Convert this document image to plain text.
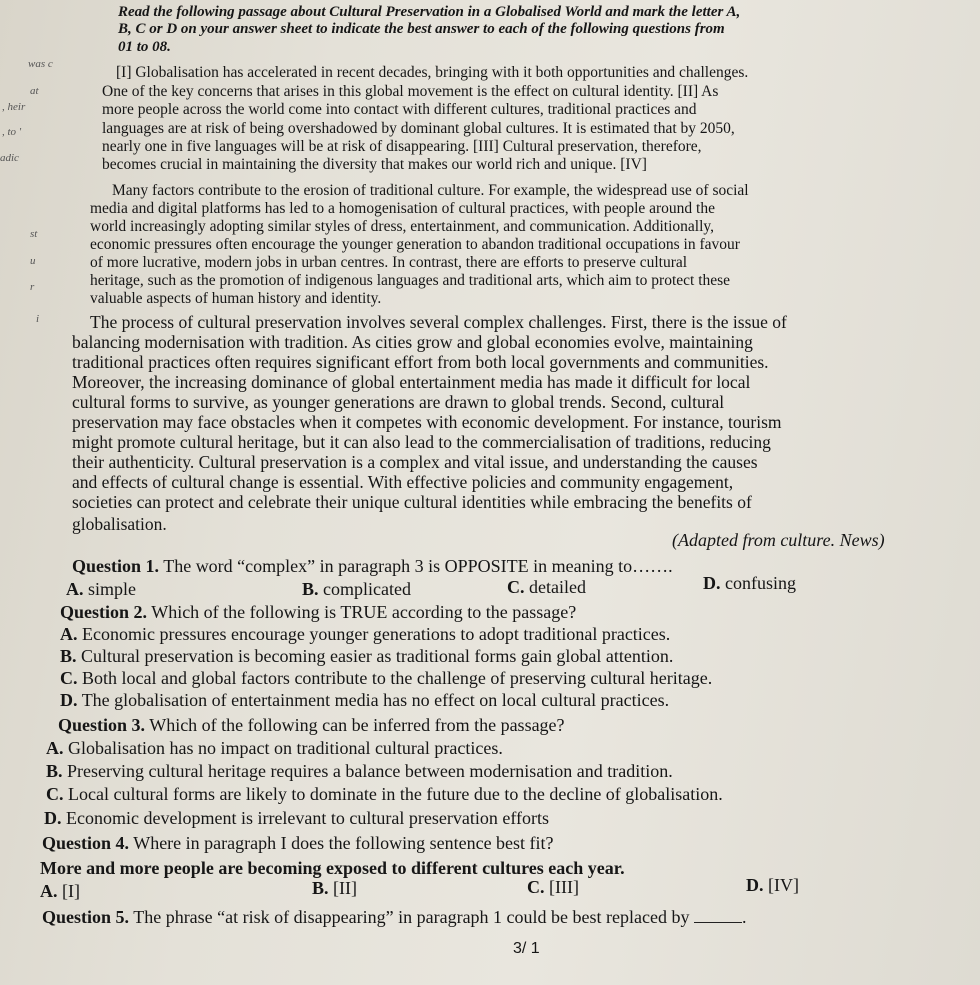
Read the following passage about Cultural Preservation in a Globalised World and mark the letter A,
B, C or D on your answer sheet to indicate the best answer to each of the following questions from
01 to 08.
was c
at
, heir
, to '
adic
st
u
r
i
[I] Globalisation has accelerated in recent decades, bringing with it both opportunities and challenges.
One of the key concerns that arises in this global movement is the effect on cultural identity. [II] As
more people across the world come into contact with different cultures, traditional practices and
languages are at risk of being overshadowed by dominant global cultures. It is estimated that by 2050,
nearly one in five languages will be at risk of disappearing. [III] Cultural preservation, therefore,
becomes crucial in maintaining the diversity that makes our world rich and unique. [IV]
Many factors contribute to the erosion of traditional culture. For example, the widespread use of social
media and digital platforms has led to a homogenisation of cultural practices, with people around the
world increasingly adopting similar styles of dress, entertainment, and communication. Additionally,
economic pressures often encourage the younger generation to abandon traditional occupations in favour
of more lucrative, modern jobs in urban centres. In contrast, there are efforts to preserve cultural
heritage, such as the promotion of indigenous languages and traditional arts, which aim to protect these
valuable aspects of human history and identity.
The process of cultural preservation involves several complex challenges. First, there is the issue of
balancing modernisation with tradition. As cities grow and global economies evolve, maintaining
traditional practices often requires significant effort from both local governments and communities.
Moreover, the increasing dominance of global entertainment media has made it difficult for local
cultural forms to survive, as younger generations are drawn to global trends. Second, cultural
preservation may face obstacles when it competes with economic development. For instance, tourism
might promote cultural heritage, but it can also lead to the commercialisation of traditions, reducing
their authenticity. Cultural preservation is a complex and vital issue, and understanding the causes
and effects of cultural change is essential. With effective policies and community engagement,
societies can protect and celebrate their unique cultural identities while embracing the benefits of
globalisation.
(Adapted from culture. News)
Question 1. The word “complex” in paragraph 3 is OPPOSITE in meaning to…….
A. simple	B. complicated	C. detailed	D. confusing
Question 2. Which of the following is TRUE according to the passage?
A. Economic pressures encourage younger generations to adopt traditional practices.
B. Cultural preservation is becoming easier as traditional forms gain global attention.
C. Both local and global factors contribute to the challenge of preserving cultural heritage.
D. The globalisation of entertainment media has no effect on local cultural practices.
Question 3. Which of the following can be inferred from the passage?
A. Globalisation has no impact on traditional cultural practices.
B. Preserving cultural heritage requires a balance between modernisation and tradition.
C. Local cultural forms are likely to dominate in the future due to the decline of globalisation.
D. Economic development is irrelevant to cultural preservation efforts
Question 4. Where in paragraph I does the following sentence best fit?
More and more people are becoming exposed to different cultures each year.
A. [I]	B. [II]	C. [III]	D. [IV]
Question 5. The phrase “at risk of disappearing” in paragraph 1 could be best replaced by	.
3/ 1
